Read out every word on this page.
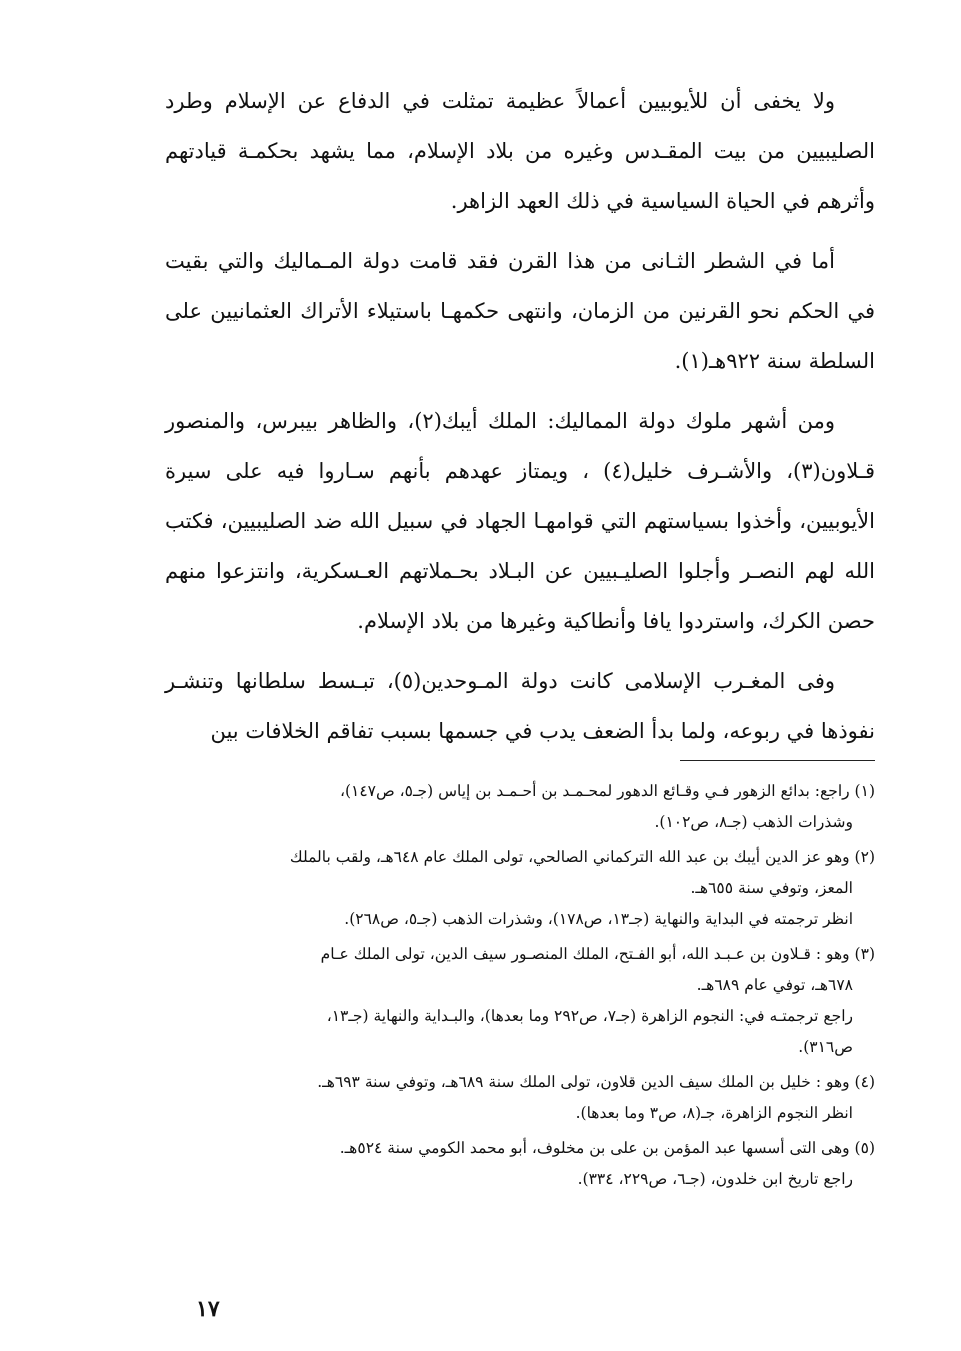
ولا يخفى أن للأيوبيين أعمالاً عظيمة تمثلت في الدفاع عن الإسلام وطرد الصليبيين من بيت المقـدس وغيره من بلاد الإسلام، مما يشهد بحكمـة قيادتهم وأثرهم في الحياة السياسية في ذلك العهد الزاهر.

أما في الشطر الثـانى من هذا القرن فقد قامت دولة المـماليك والتي بقيت في الحكم نحو القرنين من الزمان، وانتهى حكمهـا باستيلاء الأتراك العثمانيين على السلطة سنة ٩٢٢هـ(١).

ومن أشهر ملوك دولة المماليك: الملك أيبك(٢)، والظاهر بيبرس، والمنصور قـلاون(٣)، والأشـرف خليل(٤) ، ويمتاز عهدهم بأنهم سـاروا فيه على سيرة الأيوبيين، وأخذوا بسياستهم التي قوامهـا الجهاد في سبيل الله ضد الصليبيين، فكتب الله لهم النصـر وأجلوا الصليـبيين عن البـلاد بحـملاتهم العـسكرية، وانتزعوا منهم حصن الكرك، واستردوا يافا وأنطاكية وغيرها من بلاد الإسلام.

وفى المغـرب الإسلامى كانت دولة المـوحدين(٥)، تبـسط سلطانها وتنشـر نفوذها في ربوعه، ولما بدأ الضعف يدب في جسمها بسبب تفاقم الخلافات بين

(١) راجع: بدائع الزهور فـي وقـائع الدهور لمحـمـد بن أحـمـد بن إياس (جـ٥، ص١٤٧)،
وشذرات الذهب (جـ٨، ص١٠٢).
(٢) وهو عز الدين أيبك بن عبد الله التركماني الصالحي، تولى الملك عام ٦٤٨هـ، ولقب بالملك
المعز، وتوفي سنة ٦٥٥هـ.
انظر ترجمته في البداية والنهاية (جـ١٣، ص١٧٨)، وشذرات الذهب (جـ٥، ص٢٦٨).
(٣) وهو : قـلاون بن عـبـد الله، أبو الفـتح، الملك المنصـور سيف الدين، تولى الملك عـام
٦٧٨هـ، توفي عام ٦٨٩هـ.
راجع ترجمتـه في: النجوم الزاهرة (جـ٧، ص٢٩٢ وما بعدها)، والبـداية والنهاية (جـ١٣،
ص٣١٦).
(٤) وهو : خليل بن الملك سيف الدين قلاون، تولى الملك سنة ٦٨٩هـ، وتوفي سنة ٦٩٣هـ.
انظر النجوم الزاهرة، جـ(٨، ص٣ وما بعدها).
(٥) وهى التى أسسها عبد المؤمن بن على بن مخلوف، أبو محمد الكومي سنة ٥٢٤هـ.
راجع تاريخ ابن خلدون، (جـ٦، ص٢٢٩، ٣٣٤).
١٧
